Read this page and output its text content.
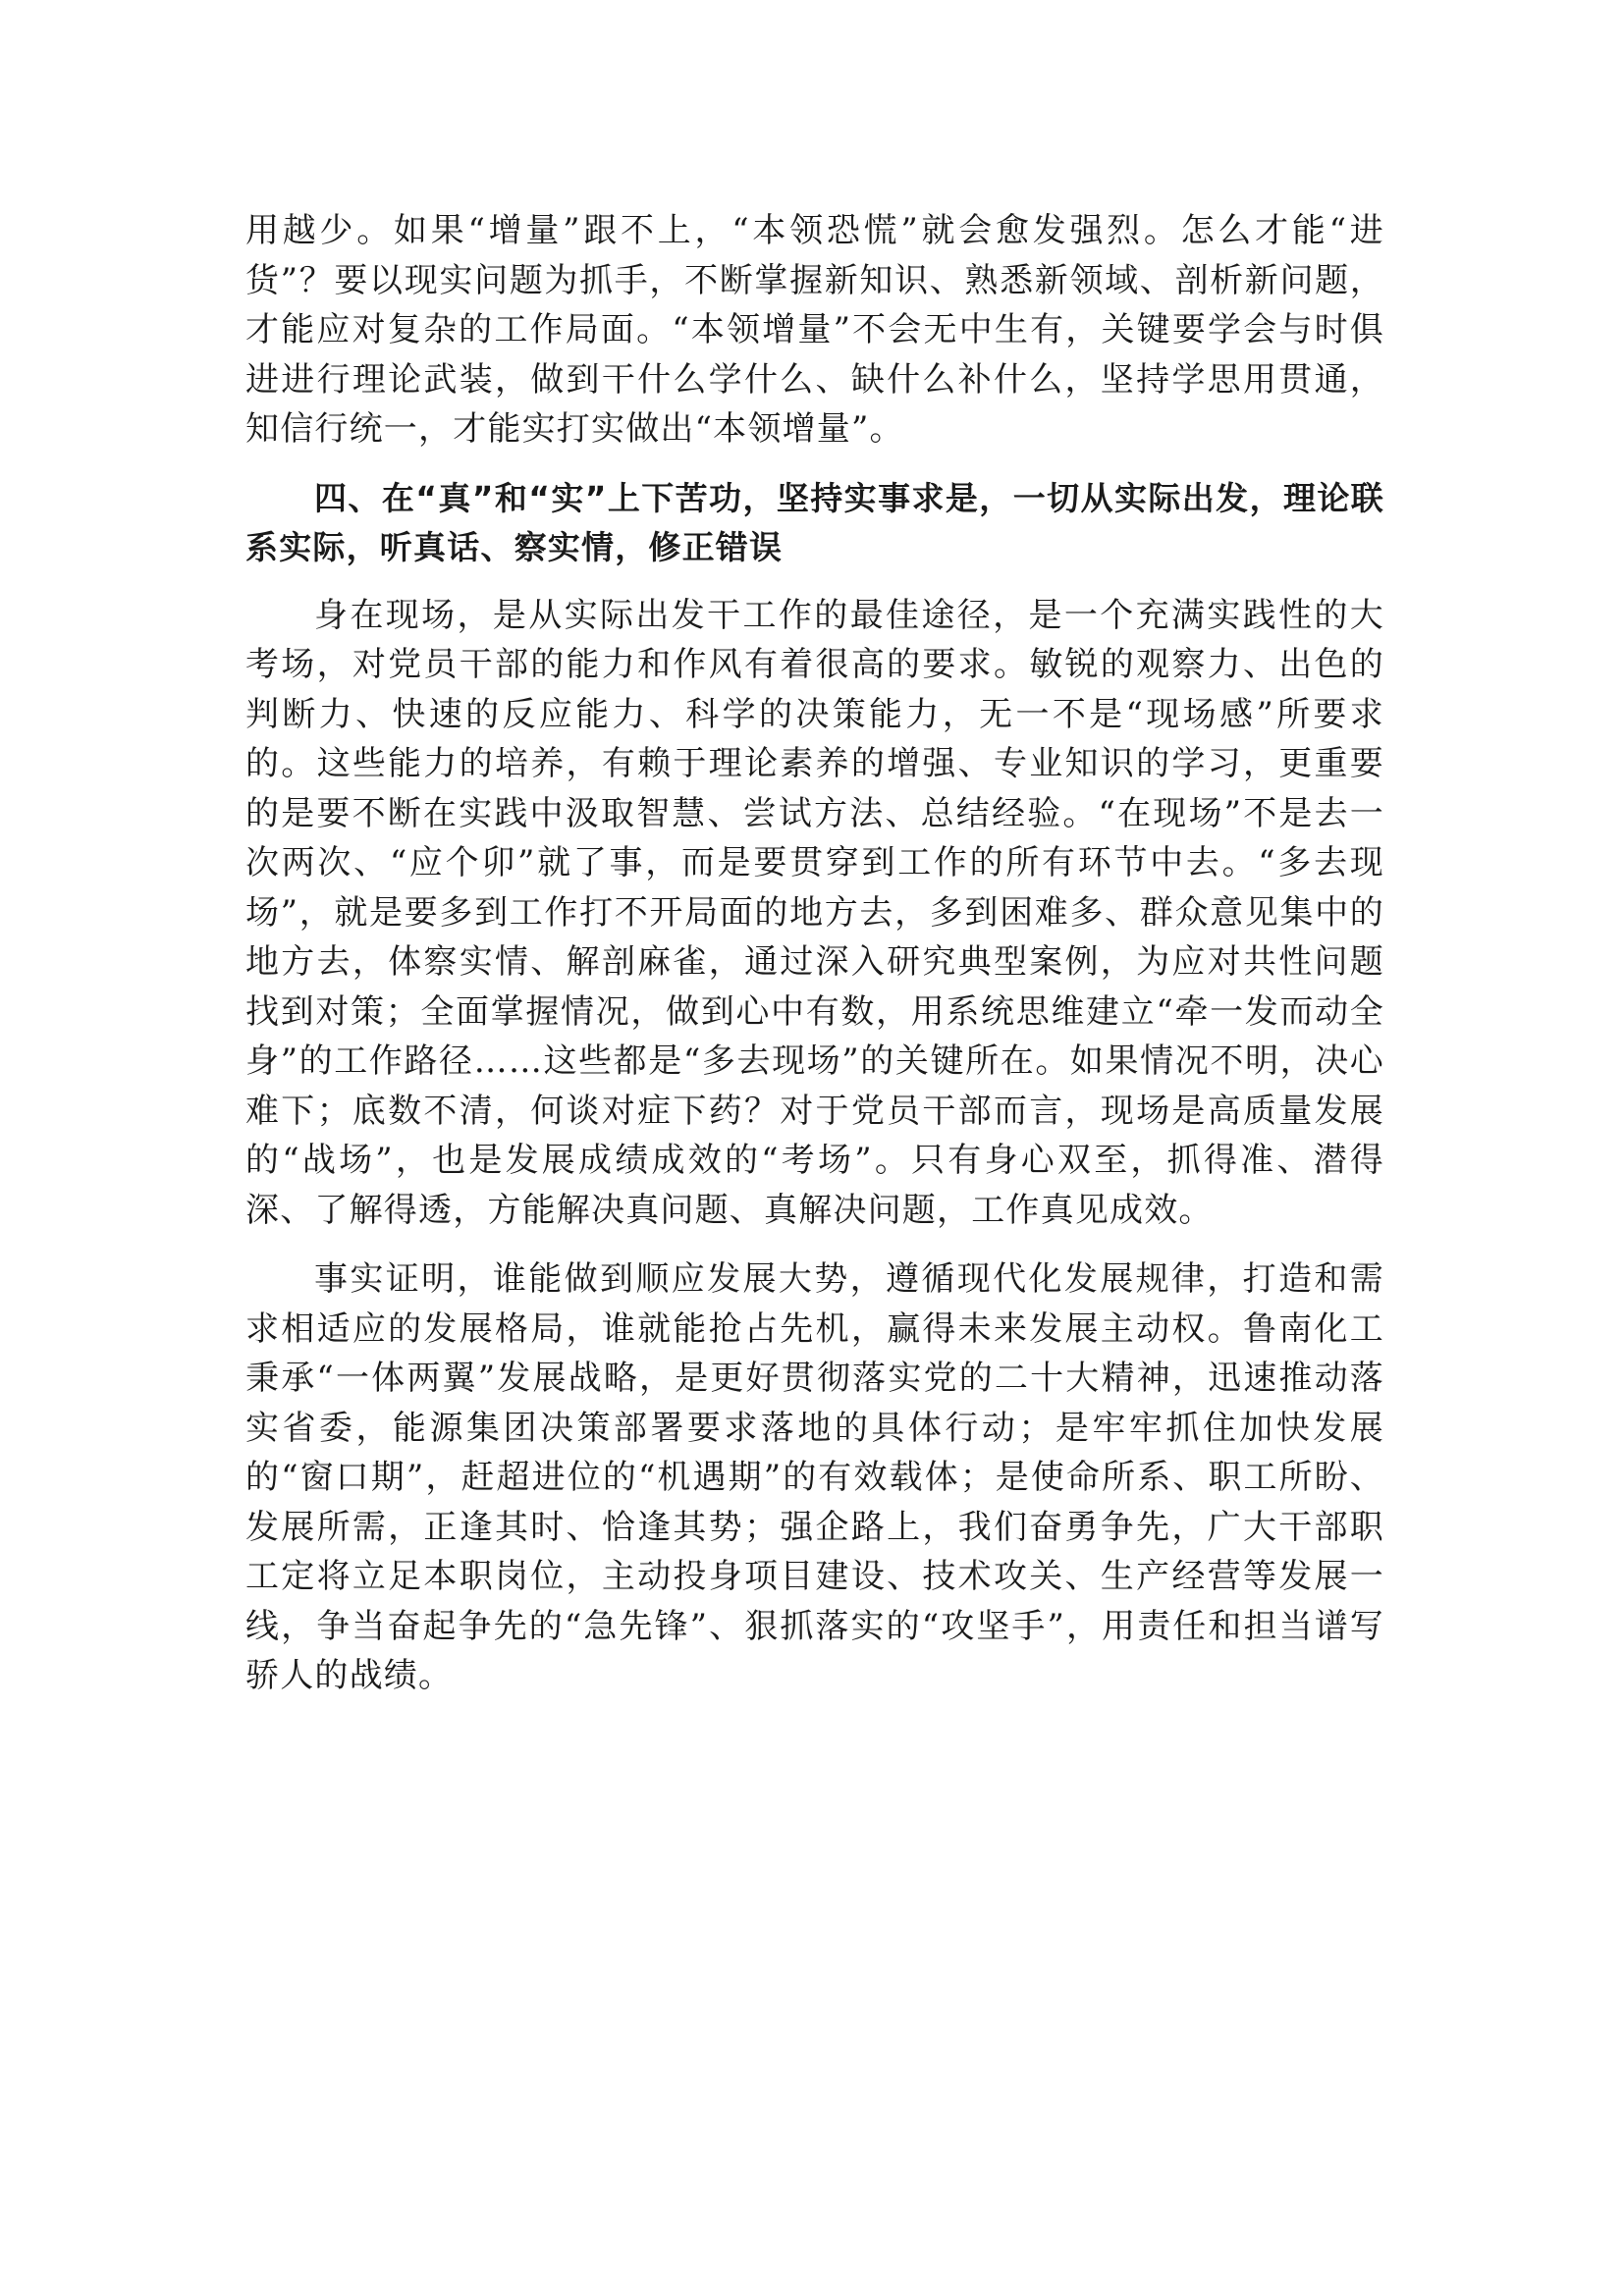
用越少。如果“增量”跟不上，“本领恐慌”就会愈发强烈。怎么才能“进货”？要以现实问题为抓手，不断掌握新知识、熟悉新领域、剖析新问题，才能应对复杂的工作局面。“本领增量”不会无中生有，关键要学会与时俱进进行理论武装，做到干什么学什么、缺什么补什么，坚持学思用贯通，知信行统一，才能实打实做出“本领增量”。

四、在“真”和“实”上下苦功，坚持实事求是，一切从实际出发，理论联系实际，听真话、察实情，修正错误

身在现场，是从实际出发干工作的最佳途径，是一个充满实践性的大考场，对党员干部的能力和作风有着很高的要求。敏锐的观察力、出色的判断力、快速的反应能力、科学的决策能力，无一不是“现场感”所要求的。这些能力的培养，有赖于理论素养的增强、专业知识的学习，更重要的是要不断在实践中汲取智慧、尝试方法、总结经验。“在现场”不是去一次两次、“应个卯”就了事，而是要贯穿到工作的所有环节中去。“多去现场”，就是要多到工作打不开局面的地方去，多到困难多、群众意见集中的地方去，体察实情、解剖麻雀，通过深入研究典型案例，为应对共性问题找到对策；全面掌握情况，做到心中有数，用系统思维建立“牵一发而动全身”的工作路径……这些都是“多去现场”的关键所在。如果情况不明，决心难下；底数不清，何谈对症下药？对于党员干部而言，现场是高质量发展的“战场”，也是发展成绩成效的“考场”。只有身心双至，抓得准、潜得深、了解得透，方能解决真问题、真解决问题，工作真见成效。

事实证明，谁能做到顺应发展大势，遵循现代化发展规律，打造和需求相适应的发展格局，谁就能抢占先机，赢得未来发展主动权。鲁南化工秉承“一体两翼”发展战略，是更好贯彻落实党的二十大精神，迅速推动落实省委，能源集团决策部署要求落地的具体行动；是牢牢抓住加快发展的“窗口期”，赶超进位的“机遇期”的有效载体；是使命所系、职工所盼、发展所需，正逢其时、恰逢其势；强企路上，我们奋勇争先，广大干部职工定将立足本职岗位，主动投身项目建设、技术攻关、生产经营等发展一线，争当奋起争先的“急先锋”、狠抓落实的“攻坚手”，用责任和担当谱写骄人的战绩。
